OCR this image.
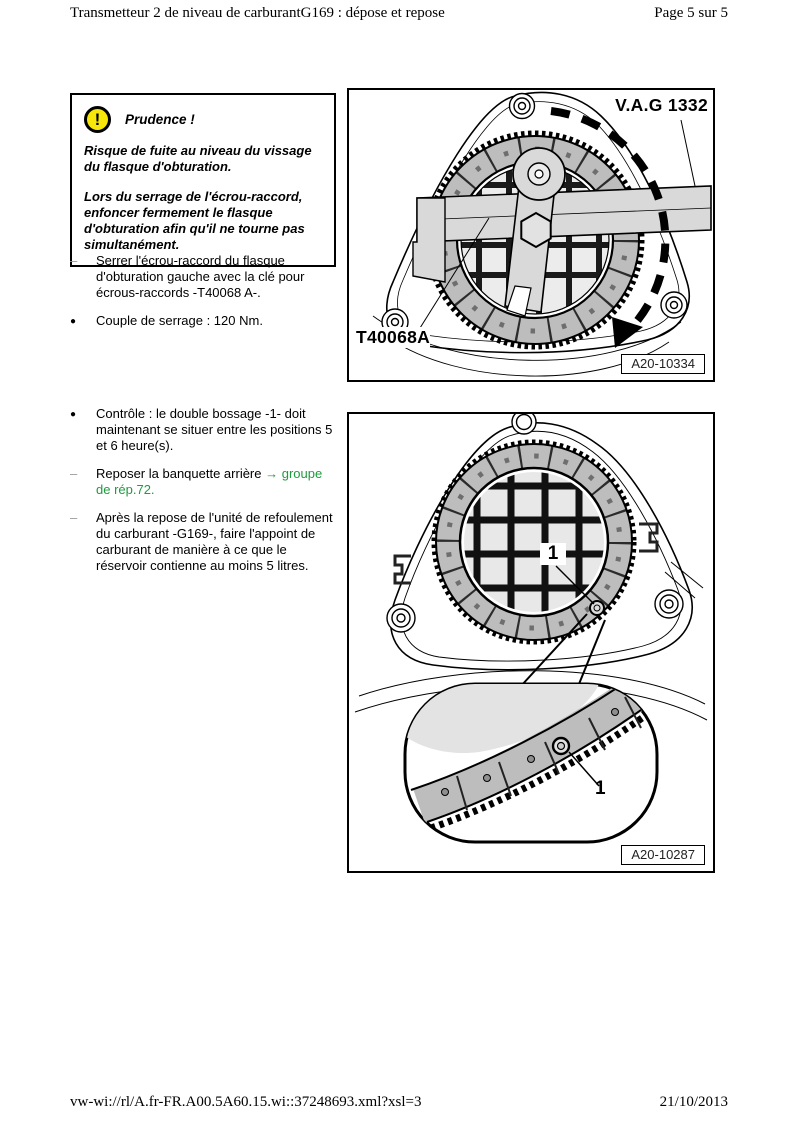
Transmetteur 2 de niveau de carburantG169 : dépose et repose	Page 5 sur 5
!	Prudence !

Risque de fuite au niveau du vissage du flasque d'obturation.

Lors du serrage de l'écrou-raccord, enfoncer fermement le flasque d'obturation afin qu'il ne tourne pas simultanément.

–	Serrer l'écrou-raccord du flasque d'obturation gauche avec la clé pour écrous-raccords -T40068 A-.
●	Couple de serrage : 120 Nm.
●	Contrôle : le double bossage -1- doit maintenant se situer entre les positions 5 et 6 heure(s).
–	Reposer la banquette arrière → groupe de rép.72.
–	Après la repose de l'unité de refoulement du carburant -G169-, faire l'appoint de carburant de manière à ce que le réservoir contienne au moins 5 litres.
V.A.G 1332
T40068A
A20-10334
1
1
A20-10287
vw-wi://rl/A.fr-FR.A00.5A60.15.wi::37248693.xml?xsl=3	21/10/2013
